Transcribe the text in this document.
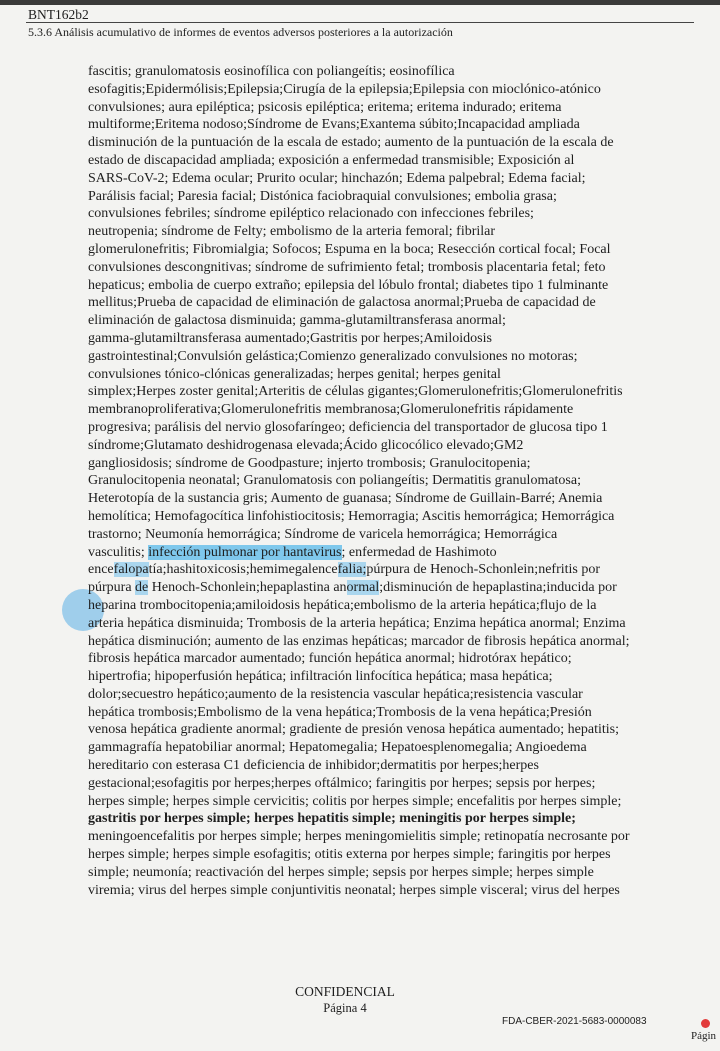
BNT162b2
5.3.6 Análisis acumulativo de informes de eventos adversos posteriores a la autorización
fascitis; granulomatosis eosinofílica con poliangeítis; eosinofílica
esofagitis;Epidermólisis;Epilepsia;Cirugía de la epilepsia;Epilepsia con mioclónico-atónico
convulsiones; aura epiléptica; psicosis epiléptica; eritema; eritema indurado; eritema
multiforme;Eritema nodoso;Síndrome de Evans;Exantema súbito;Incapacidad ampliada
disminución de la puntuación de la escala de estado; aumento de la puntuación de la escala de
estado de discapacidad ampliada; exposición a enfermedad transmisible; Exposición al
SARS-CoV-2; Edema ocular; Prurito ocular; hinchazón; Edema palpebral; Edema facial;
Parálisis facial; Paresia facial; Distónica faciobraquial convulsiones; embolia grasa;
convulsiones febriles; síndrome epiléptico relacionado con infecciones febriles;
neutropenia; síndrome de Felty; embolismo de la arteria femoral; fibrilar
glomerulonefritis; Fibromialgia; Sofocos; Espuma en la boca; Resección cortical focal; Focal
convulsiones descongnitivas; síndrome de sufrimiento fetal; trombosis placentaria fetal; feto
hepaticus; embolia de cuerpo extraño; epilepsia del lóbulo frontal; diabetes tipo 1 fulminante
mellitus;Prueba de capacidad de eliminación de galactosa anormal;Prueba de capacidad de
eliminación de galactosa disminuida; gamma-glutamiltransferasa anormal;
gamma-glutamiltransferasa aumentado;Gastritis por herpes;Amiloidosis
gastrointestinal;Convulsión gelástica;Comienzo generalizado convulsiones no motoras;
convulsiones tónico-clónicas generalizadas; herpes genital; herpes genital
simplex;Herpes zoster genital;Arteritis de células gigantes;Glomerulonefritis;Glomerulonefritis
membranoproliferativa;Glomerulonefritis membranosa;Glomerulonefritis rápidamente
progresiva; parálisis del nervio glosofaríngeo; deficiencia del transportador de glucosa tipo 1
síndrome;Glutamato deshidrogenasa elevada;Ácido glicocólico elevado;GM2
gangliosidosis; síndrome de Goodpasture; injerto trombosis; Granulocitopenia;
Granulocitopenia neonatal; Granulomatosis con poliangeítis; Dermatitis granulomatosa;
Heterotopía de la sustancia gris; Aumento de guanasa; Síndrome de Guillain-Barré; Anemia
hemolítica; Hemofagocítica linfohistiocitosis; Hemorragia; Ascitis hemorrágica; Hemorrágica
trastorno; Neumonía hemorrágica; Síndrome de varicela hemorrágica; Hemorrágica
vasculitis; infección pulmonar por hantavirus; enfermedad de Hashimoto
encefalopatía;hashitoxicosis;hemimegalencefalia;púrpura de Henoch-Schonlein;nefritis por
púrpura de Henoch-Schonlein;hepaplastina anormal;disminución de hepaplastina;inducida por
heparina trombocitopenia;amiloidosis hepática;embolismo de la arteria hepática;flujo de la
arteria hepática disminuida; Trombosis de la arteria hepática; Enzima hepática anormal; Enzima
hepática disminución; aumento de las enzimas hepáticas; marcador de fibrosis hepática anormal;
fibrosis hepática marcador aumentado; función hepática anormal; hidrotórax hepático;
hipertrofia; hipoperfusión hepática; infiltración linfocítica hepática; masa hepática;
dolor;secuestro hepático;aumento de la resistencia vascular hepática;resistencia vascular
hepática trombosis;Embolismo de la vena hepática;Trombosis de la vena hepática;Presión
venosa hepática gradiente anormal; gradiente de presión venosa hepática aumentado; hepatitis;
gammagrafía hepatobiliar anormal; Hepatomegalia; Hepatoesplenomegalia; Angioedema
hereditario con esterasa C1 deficiencia de inhibidor;dermatitis por herpes;herpes
gestacional;esofagitis por herpes;herpes oftálmico; faringitis por herpes; sepsis por herpes;
herpes simple; herpes simple cervicitis; colitis por herpes simple; encefalitis por herpes simple;
gastritis por herpes simple; herpes hepatitis simple; meningitis por herpes simple;
meningoencefalitis por herpes simple; herpes meningomielitis simple; retinopatía necrosante por
herpes simple; herpes simple esofagitis; otitis externa por herpes simple; faringitis por herpes
simple; neumonía; reactivación del herpes simple; sepsis por herpes simple; herpes simple
viremia; virus del herpes simple conjuntivitis neonatal; herpes simple visceral; virus del herpes
CONFIDENCIAL
Página 4
FDA-CBER-2021-5683-0000083
Págin
